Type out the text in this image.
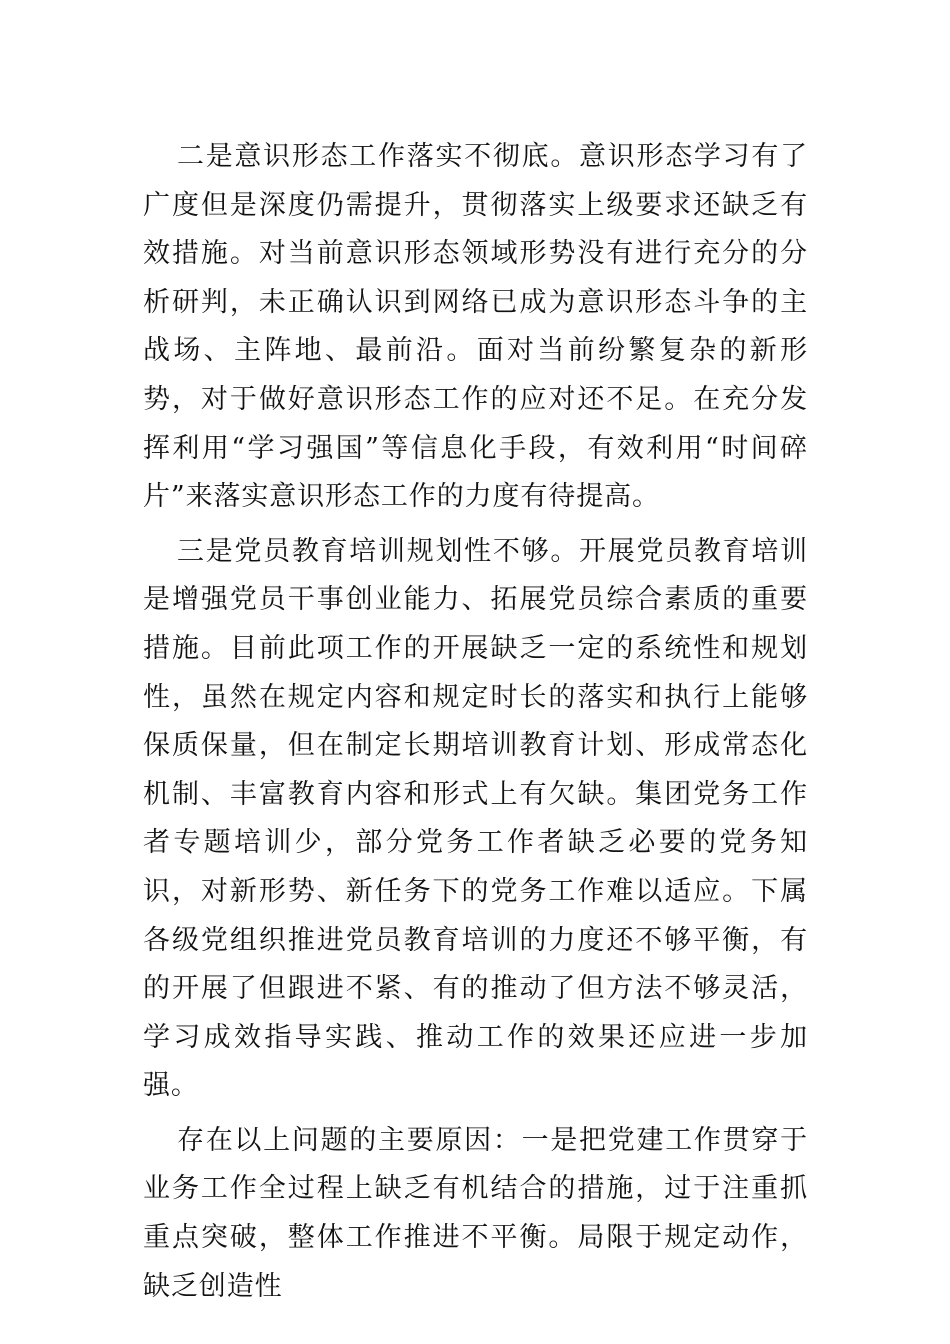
二是意识形态工作落实不彻底。意识形态学习有了广度但是深度仍需提升，贯彻落实上级要求还缺乏有效措施。对当前意识形态领域形势没有进行充分的分析研判，未正确认识到网络已成为意识形态斗争的主战场、主阵地、最前沿。面对当前纷繁复杂的新形势，对于做好意识形态工作的应对还不足。在充分发挥利用“学习强国”等信息化手段，有效利用“时间碎片”来落实意识形态工作的力度有待提高。

三是党员教育培训规划性不够。开展党员教育培训是增强党员干事创业能力、拓展党员综合素质的重要措施。目前此项工作的开展缺乏一定的系统性和规划性，虽然在规定内容和规定时长的落实和执行上能够保质保量，但在制定长期培训教育计划、形成常态化机制、丰富教育内容和形式上有欠缺。集团党务工作者专题培训少，部分党务工作者缺乏必要的党务知识，对新形势、新任务下的党务工作难以适应。下属各级党组织推进党员教育培训的力度还不够平衡，有的开展了但跟进不紧、有的推动了但方法不够灵活，学习成效指导实践、推动工作的效果还应进一步加强。

存在以上问题的主要原因：一是把党建工作贯穿于业务工作全过程上缺乏有机结合的措施，过于注重抓重点突破，整体工作推进不平衡。局限于规定动作，缺乏创造性
